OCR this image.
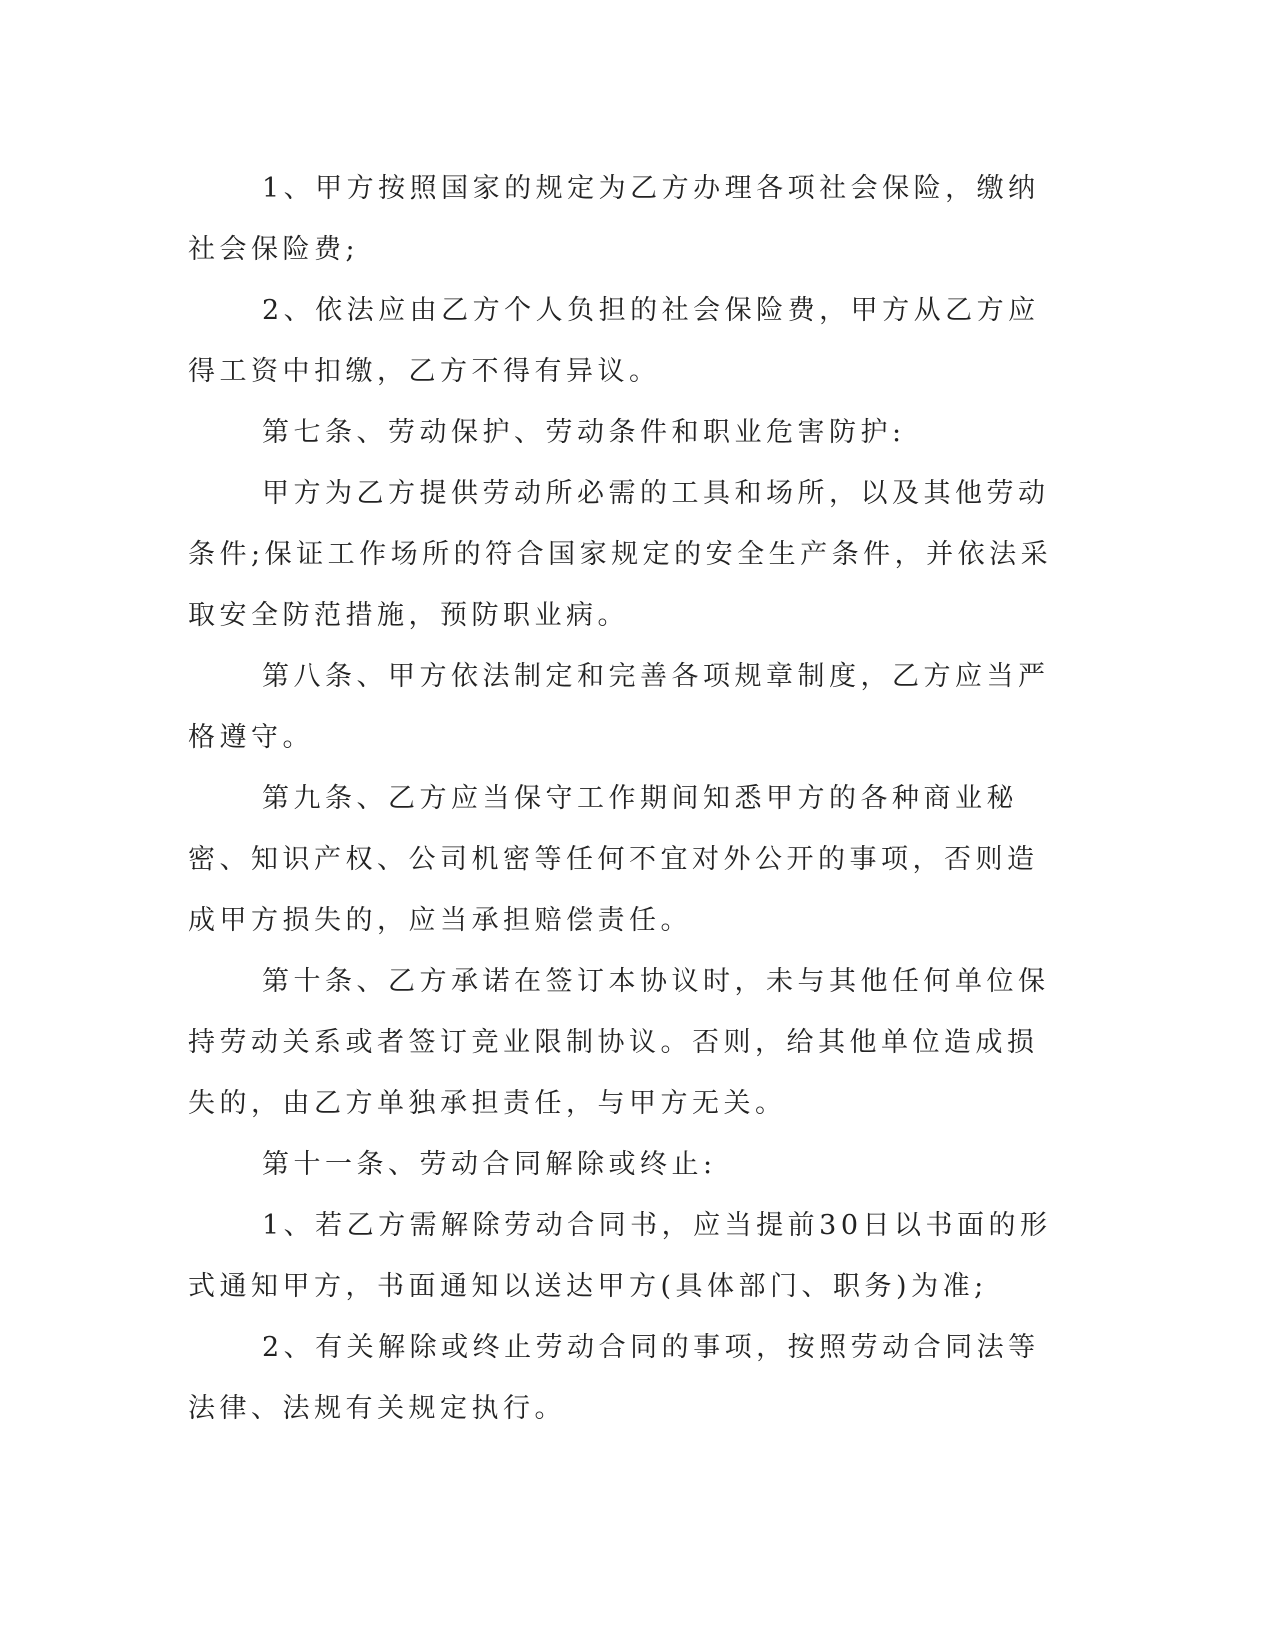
1、甲方按照国家的规定为乙方办理各项社会保险，缴纳社会保险费;

2、依法应由乙方个人负担的社会保险费，甲方从乙方应得工资中扣缴，乙方不得有异议。

第七条、劳动保护、劳动条件和职业危害防护:

甲方为乙方提供劳动所必需的工具和场所，以及其他劳动条件;保证工作场所的符合国家规定的安全生产条件，并依法采取安全防范措施，预防职业病。

第八条、甲方依法制定和完善各项规章制度，乙方应当严格遵守。

第九条、乙方应当保守工作期间知悉甲方的各种商业秘密、知识产权、公司机密等任何不宜对外公开的事项，否则造成甲方损失的，应当承担赔偿责任。

第十条、乙方承诺在签订本协议时，未与其他任何单位保持劳动关系或者签订竞业限制协议。否则，给其他单位造成损失的，由乙方单独承担责任，与甲方无关。

第十一条、劳动合同解除或终止:

1、若乙方需解除劳动合同书，应当提前30日以书面的形式通知甲方，书面通知以送达甲方(具体部门、职务)为准;

2、有关解除或终止劳动合同的事项，按照劳动合同法等法律、法规有关规定执行。
